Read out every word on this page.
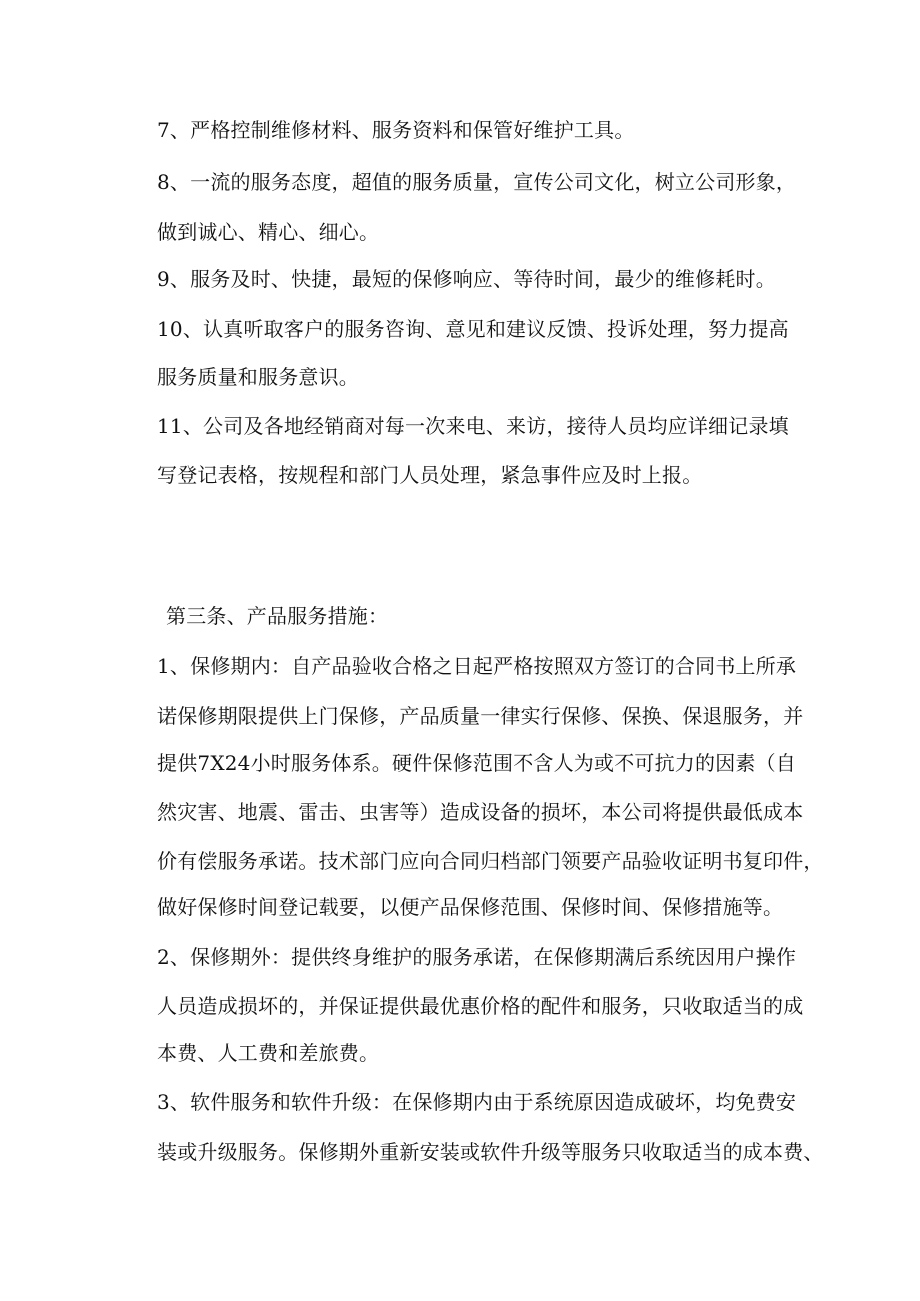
7、严格控制维修材料、服务资料和保管好维护工具。
8、一流的服务态度，超值的服务质量，宣传公司文化，树立公司形象，
做到诚心、精心、细心。
9、服务及时、快捷，最短的保修响应、等待时间，最少的维修耗时。
10、认真听取客户的服务咨询、意见和建议反馈、投诉处理，努力提高
服务质量和服务意识。
11、公司及各地经销商对每一次来电、来访，接待人员均应详细记录填
写登记表格，按规程和部门人员处理，紧急事件应及时上报。
第三条、产品服务措施：
1、保修期内：自产品验收合格之日起严格按照双方签订的合同书上所承
诺保修期限提供上门保修，产品质量一律实行保修、保换、保退服务，并
提供7X24小时服务体系。硬件保修范围不含人为或不可抗力的因素（自
然灾害、地震、雷击、虫害等）造成设备的损坏，本公司将提供最低成本
价有偿服务承诺。技术部门应向合同归档部门领要产品验收证明书复印件，
做好保修时间登记载要，以便产品保修范围、保修时间、保修措施等。
2、保修期外：提供终身维护的服务承诺，在保修期满后系统因用户操作
人员造成损坏的，并保证提供最优惠价格的配件和服务，只收取适当的成
本费、人工费和差旅费。
3、软件服务和软件升级：在保修期内由于系统原因造成破坏，均免费安
装或升级服务。保修期外重新安装或软件升级等服务只收取适当的成本费、
